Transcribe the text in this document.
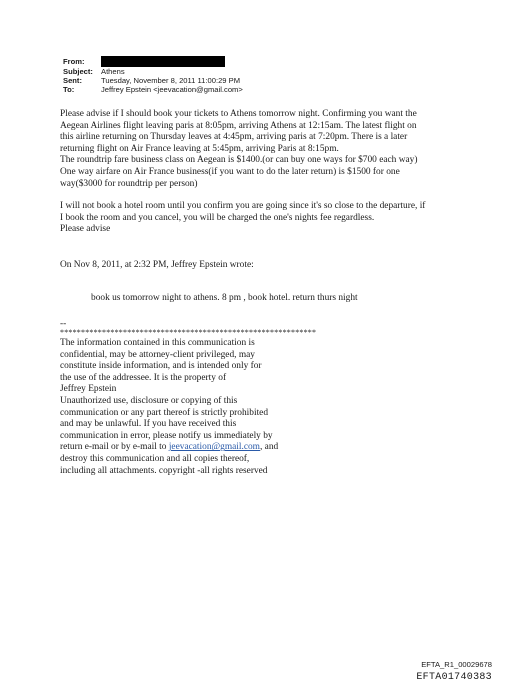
From:
Subject:	Athens
Sent:	Tuesday, November 8, 2011 11:00:29 PM
To:	Jeffrey Epstein <jeevacation@gmail.com>
Please advise if I should book your tickets to Athens tomorrow night. Confirming you want the
Aegean Airlines flight leaving paris at 8:05pm, arriving Athens at 12:15am. The latest flight on
this airline returning on Thursday leaves at 4:45pm, arriving paris at 7:20pm. There is a later
returning flight on Air France leaving at 5:45pm, arriving Paris at 8:15pm.
The roundtrip fare business class on Aegean is $1400.(or can buy one ways for $700 each way)
One way airfare on Air France business(if you want to do the later return) is $1500 for one
way($3000 for roundtrip per person)
I will not book a hotel room until you confirm you are going since it's so close to the departure, if
I book the room and you cancel, you will be charged the one's nights fee regardless.
Please advise
On Nov 8, 2011, at 2:32 PM, Jeffrey Epstein wrote:
book us tomorrow night to athens. 8 pm , book hotel. return thurs night
--
*************************************************************
The information contained in this communication is
confidential, may be attorney-client privileged, may
constitute inside information, and is intended only for
the use of the addressee. It is the property of
Jeffrey Epstein
Unauthorized use, disclosure or copying of this
communication or any part thereof is strictly prohibited
and may be unlawful. If you have received this
communication in error, please notify us immediately by
return e-mail or by e-mail to jeevacation@gmail.com, and
destroy this communication and all copies thereof,
including all attachments. copyright -all rights reserved
EFTA_R1_00029678
EFTA01740383
